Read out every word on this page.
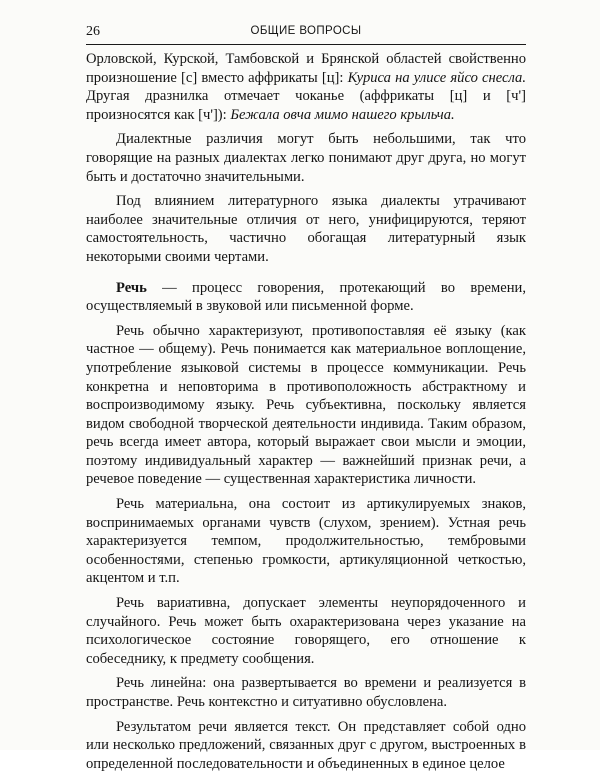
26	ОБЩИЕ ВОПРОСЫ

Орловской, Курской, Тамбовской и Брянской областей свойственно произношение [с] вместо аффрикаты [ц]: Куриса на улисе яйсо снесла. Другая дразнилка отмечает чоканье (аффрикаты [ц] и [ч'] произносятся как [ч']): Бежала овча мимо нашего крыльча.

Диалектные различия могут быть небольшими, так что говорящие на разных диалектах легко понимают друг друга, но могут быть и достаточно значительными.

Под влиянием литературного языка диалекты утрачивают наиболее значительные отличия от него, унифицируются, теряют самостоятельность, частично обогащая литературный язык некоторыми своими чертами.

Речь — процесс говорения, протекающий во времени, осуществляемый в звуковой или письменной форме.

Речь обычно характеризуют, противопоставляя её языку (как частное — общему). Речь понимается как материальное воплощение, употребление языковой системы в процессе коммуникации. Речь конкретна и неповторима в противоположность абстрактному и воспроизводимому языку. Речь субъективна, поскольку является видом свободной творческой деятельности индивида. Таким образом, речь всегда имеет автора, который выражает свои мысли и эмоции, поэтому индивидуальный характер — важнейший признак речи, а речевое поведение — существенная характеристика личности.

Речь материальна, она состоит из артикулируемых знаков, воспринимаемых органами чувств (слухом, зрением). Устная речь характеризуется темпом, продолжительностью, тембровыми особенностями, степенью громкости, артикуляционной четкостью, акцентом и т.п.

Речь вариативна, допускает элементы неупорядоченного и случайного. Речь может быть охарактеризована через указание на психологическое состояние говорящего, его отношение к собеседнику, к предмету сообщения.

Речь линейна: она развертывается во времени и реализуется в пространстве. Речь контекстно и ситуативно обусловлена.

Результатом речи является текст. Он представляет собой одно или несколько предложений, связанных друг с другом, выстроенных в определенной последовательности и объединенных в единое целое
